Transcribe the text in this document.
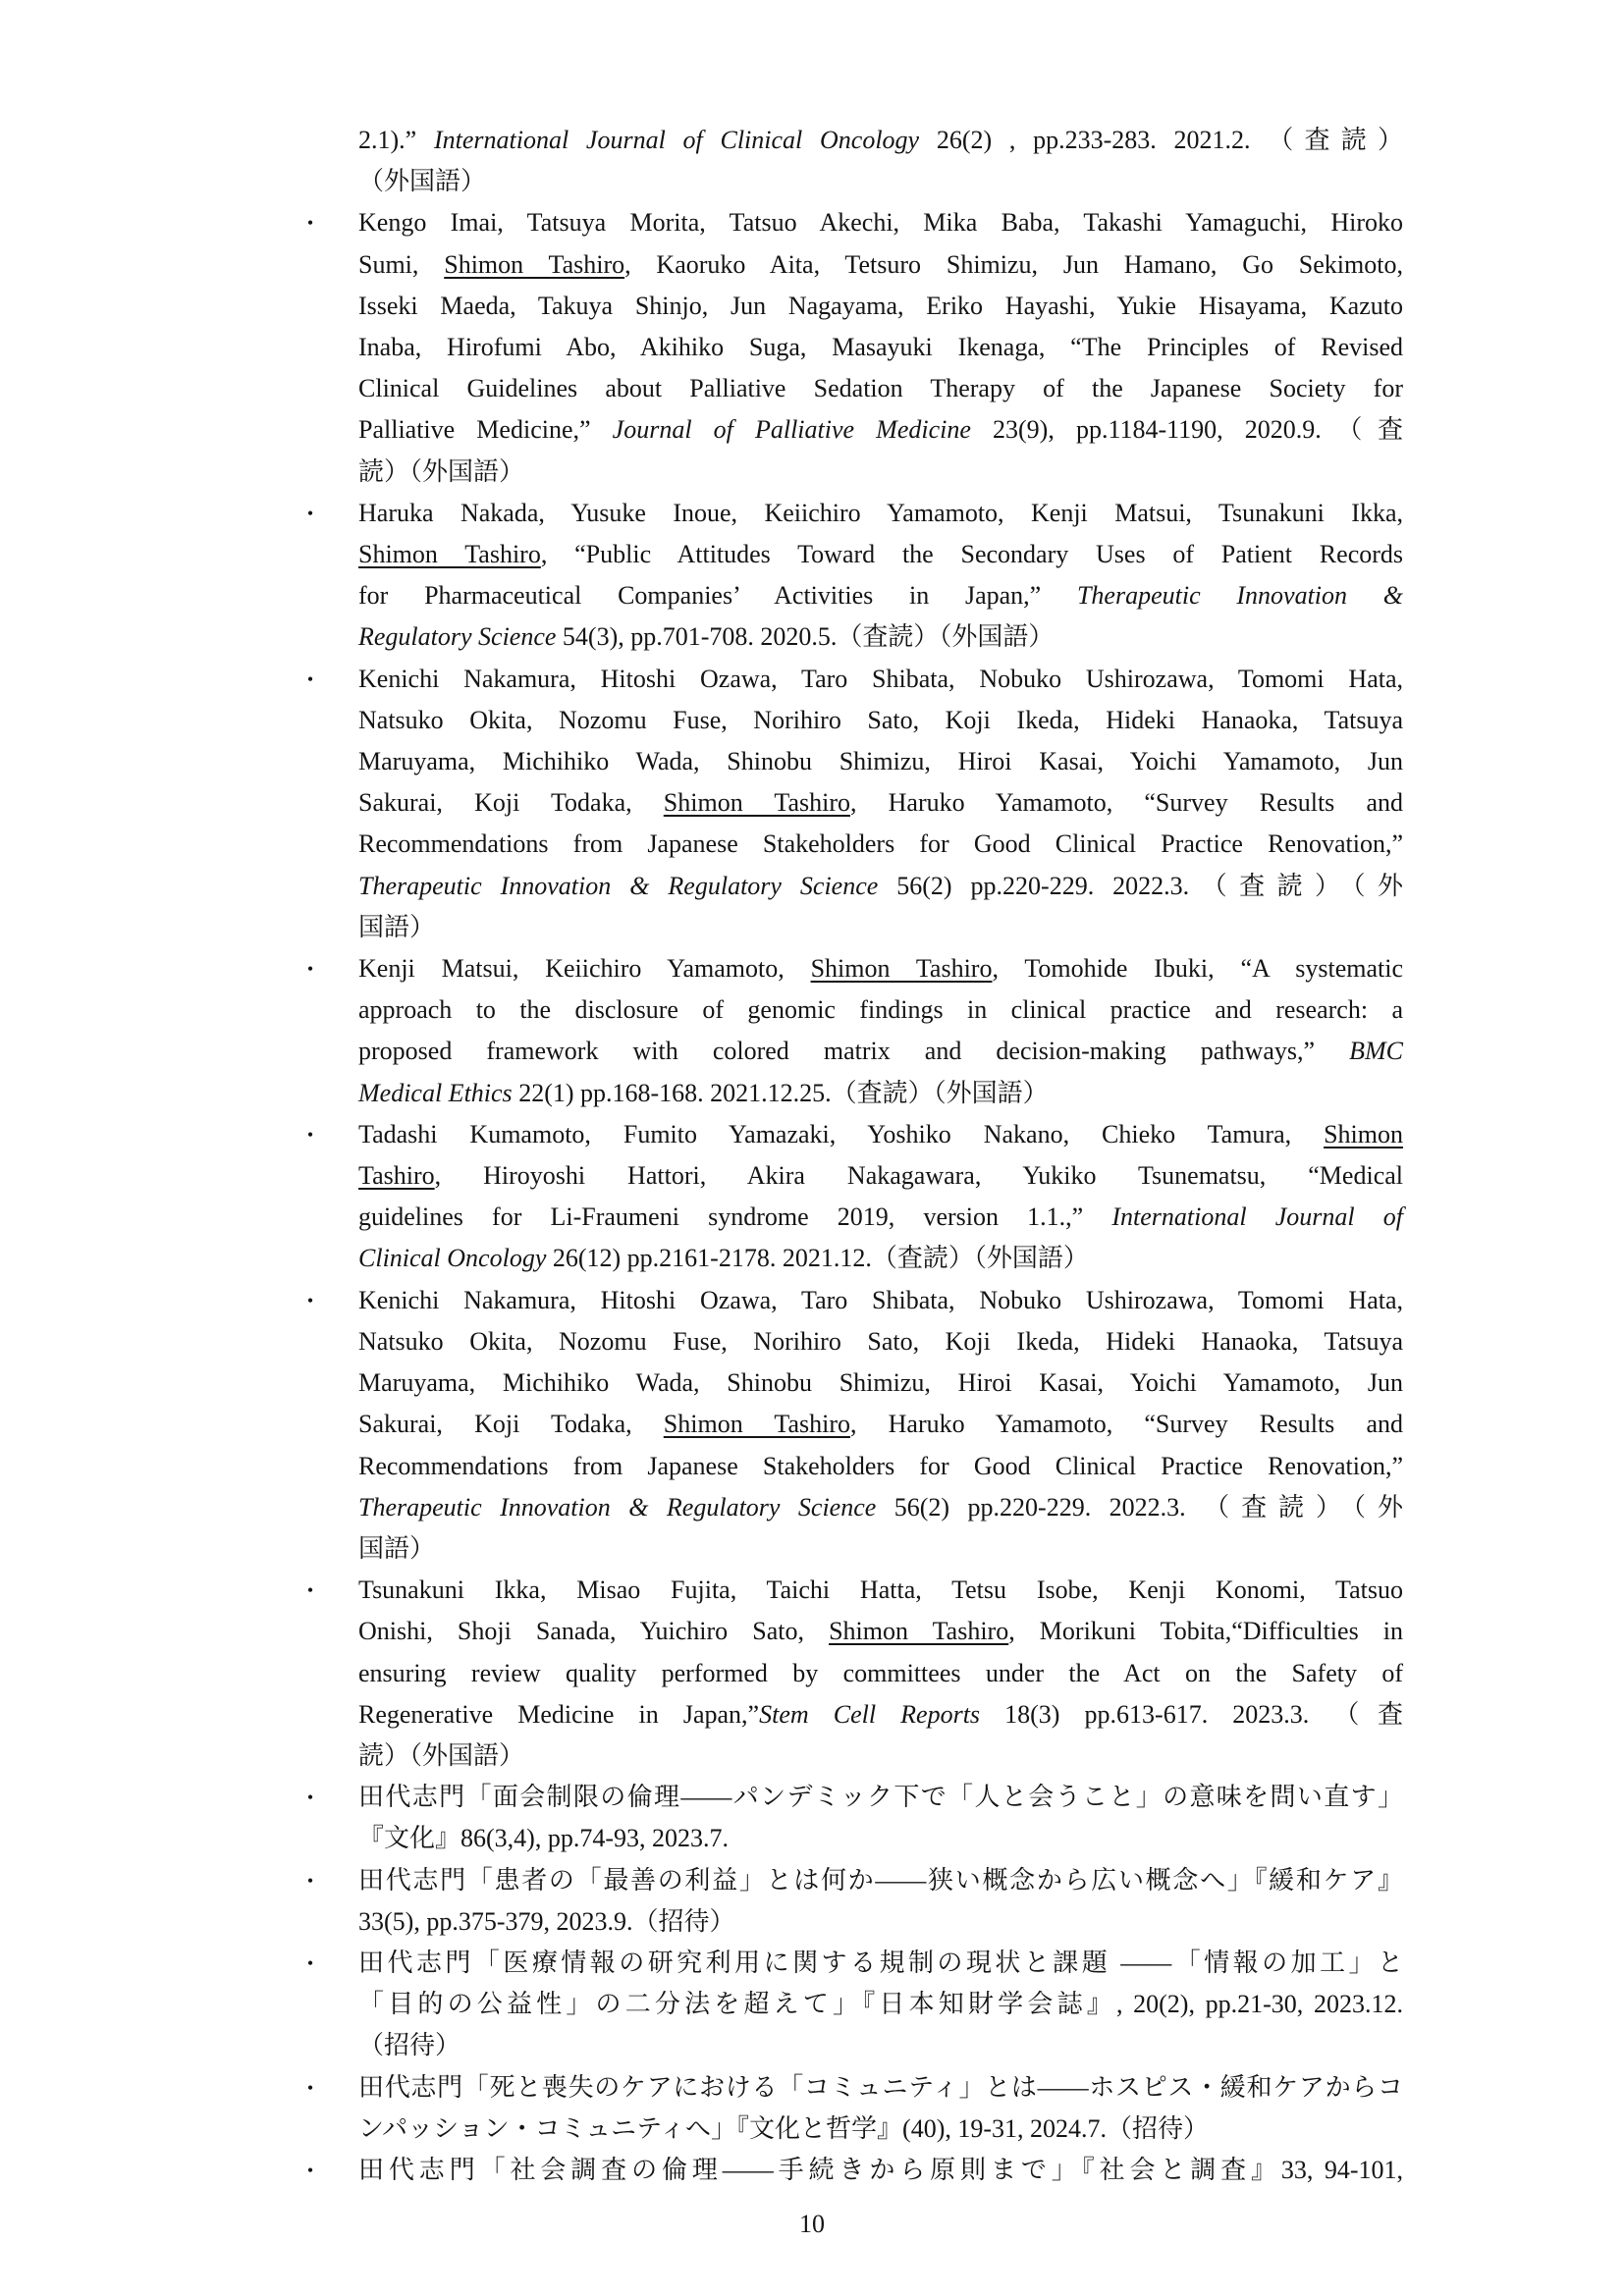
2.1).” International Journal of Clinical Oncology 26(2) , pp.233-283. 2021.2. （査読）
（外国語）
• Kengo Imai, Tatsuya Morita, Tatsuo Akechi, Mika Baba, Takashi Yamaguchi, Hiroko
Sumi, Shimon Tashiro, Kaoruko Aita, Tetsuro Shimizu, Jun Hamano, Go Sekimoto,
Isseki Maeda, Takuya Shinjo, Jun Nagayama, Eriko Hayashi, Yukie Hisayama, Kazuto
Inaba, Hirofumi Abo, Akihiko Suga, Masayuki Ikenaga, “The Principles of Revised
Clinical Guidelines about Palliative Sedation Therapy of the Japanese Society for
Palliative Medicine,” Journal of Palliative Medicine 23(9), pp.1184-1190, 2020.9.（査
読）（外国語）
• Haruka Nakada, Yusuke Inoue, Keiichiro Yamamoto, Kenji Matsui, Tsunakuni Ikka,
Shimon Tashiro, “Public Attitudes Toward the Secondary Uses of Patient Records
for Pharmaceutical Companies’ Activities in Japan,” Therapeutic Innovation &
Regulatory Science 54(3), pp.701-708. 2020.5.（査読）（外国語）
• Kenichi Nakamura, Hitoshi Ozawa, Taro Shibata, Nobuko Ushirozawa, Tomomi Hata,
Natsuko Okita, Nozomu Fuse, Norihiro Sato, Koji Ikeda, Hideki Hanaoka, Tatsuya
Maruyama, Michihiko Wada, Shinobu Shimizu, Hiroi Kasai, Yoichi Yamamoto, Jun
Sakurai, Koji Todaka, Shimon Tashiro, Haruko Yamamoto, “Survey Results and
Recommendations from Japanese Stakeholders for Good Clinical Practice Renovation,”
Therapeutic Innovation & Regulatory Science 56(2) pp.220-229. 2022.3.（査読）（外
国語）
• Kenji Matsui, Keiichiro Yamamoto, Shimon Tashiro, Tomohide Ibuki, “A systematic
approach to the disclosure of genomic findings in clinical practice and research: a
proposed framework with colored matrix and decision-making pathways,” BMC
Medical Ethics 22(1) pp.168-168. 2021.12.25.（査読）（外国語）
• Tadashi Kumamoto, Fumito Yamazaki, Yoshiko Nakano, Chieko Tamura, Shimon
Tashiro, Hiroyoshi Hattori, Akira Nakagawara, Yukiko Tsunematsu, “Medical
guidelines for Li-Fraumeni syndrome 2019, version 1.1.,” International Journal of
Clinical Oncology 26(12) pp.2161-2178. 2021.12.（査読）（外国語）
• Kenichi Nakamura, Hitoshi Ozawa, Taro Shibata, Nobuko Ushirozawa, Tomomi Hata,
Natsuko Okita, Nozomu Fuse, Norihiro Sato, Koji Ikeda, Hideki Hanaoka, Tatsuya
Maruyama, Michihiko Wada, Shinobu Shimizu, Hiroi Kasai, Yoichi Yamamoto, Jun
Sakurai, Koji Todaka, Shimon Tashiro, Haruko Yamamoto, “Survey Results and
Recommendations from Japanese Stakeholders for Good Clinical Practice Renovation,”
Therapeutic Innovation & Regulatory Science 56(2) pp.220-229. 2022.3. （査読）（外
国語）
• Tsunakuni Ikka, Misao Fujita, Taichi Hatta, Tetsu Isobe, Kenji Konomi, Tatsuo
Onishi, Shoji Sanada, Yuichiro Sato, Shimon Tashiro, Morikuni Tobita,“Difficulties in
ensuring review quality performed by committees under the Act on the Safety of
Regenerative Medicine in Japan,”Stem Cell Reports 18(3) pp.613-617. 2023.3. （査
読）（外国語）
• 田代志門「面会制限の倫理——パンデミック下で「人と会うこと」の意味を問い直す」
『文化』86(3,4), pp.74-93, 2023.7.
• 田代志門「患者の「最善の利益」とは何か——狭い概念から広い概念へ」『緩和ケア』
33(5), pp.375-379, 2023.9.（招待）
• 田代志門「医療情報の研究利用に関する規制の現状と課題 ——「情報の加工」と
「目的の公益性」の二分法を超えて」『日本知財学会誌』, 20(2), pp.21-30, 2023.12.
（招待）
• 田代志門「死と喪失のケアにおける「コミュニティ」とは——ホスピス・緩和ケアからコ
ンパッション・コミュニティへ」『文化と哲学』(40), 19-31, 2024.7.（招待）
• 田代志門「社会調査の倫理——手続きから原則まで」『社会と調査』33, 94-101,
10
